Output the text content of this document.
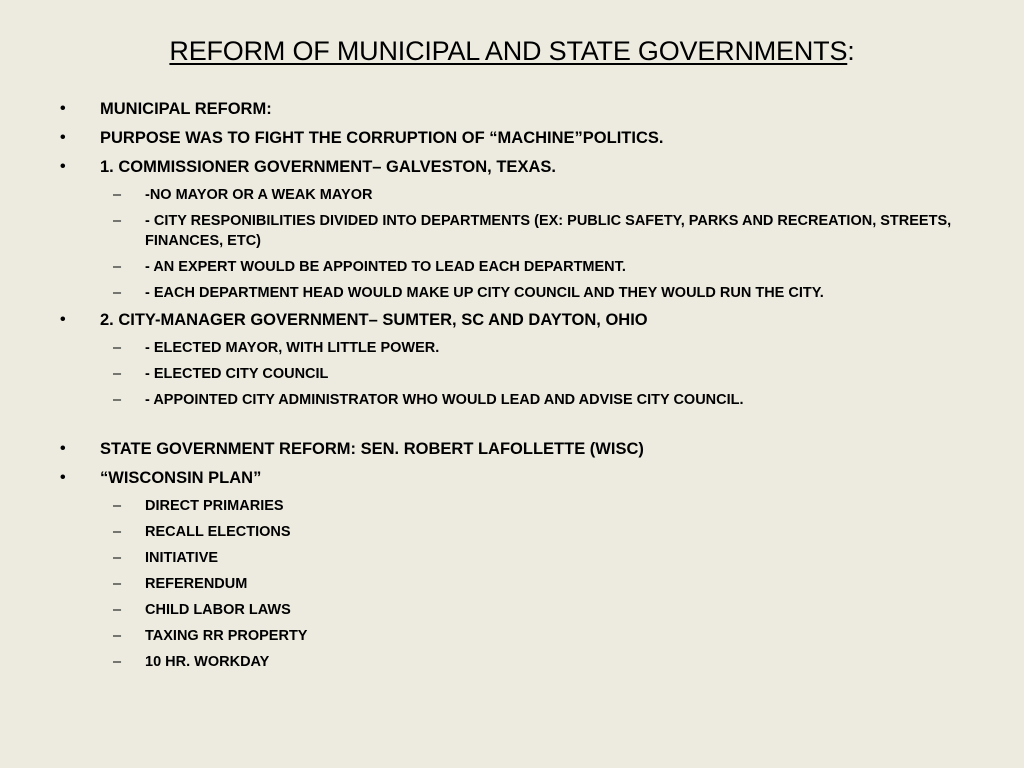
REFORM OF MUNICIPAL AND STATE GOVERNMENTS:
• MUNICIPAL REFORM:
• PURPOSE WAS TO FIGHT THE CORRUPTION OF “MACHINE”POLITICS.
• 1. COMMISSIONER GOVERNMENT– GALVESTON, TEXAS.
– -NO MAYOR OR A WEAK MAYOR
– - CITY RESPONIBILITIES DIVIDED INTO DEPARTMENTS (EX: PUBLIC SAFETY, PARKS AND RECREATION, STREETS, FINANCES, ETC)
– - AN EXPERT WOULD BE APPOINTED TO LEAD EACH DEPARTMENT.
– - EACH DEPARTMENT HEAD WOULD MAKE UP CITY COUNCIL AND THEY WOULD RUN THE CITY.
• 2. CITY-MANAGER GOVERNMENT– SUMTER, SC AND DAYTON, OHIO
– - ELECTED MAYOR, WITH LITTLE POWER.
– - ELECTED CITY COUNCIL
– - APPOINTED CITY ADMINISTRATOR WHO WOULD LEAD AND ADVISE CITY COUNCIL.
• STATE GOVERNMENT REFORM: SEN. ROBERT LAFOLLETTE (WISC)
• “WISCONSIN PLAN”
– DIRECT PRIMARIES
– RECALL ELECTIONS
– INITIATIVE
– REFERENDUM
– CHILD LABOR LAWS
– TAXING RR PROPERTY
– 10 HR. WORKDAY
